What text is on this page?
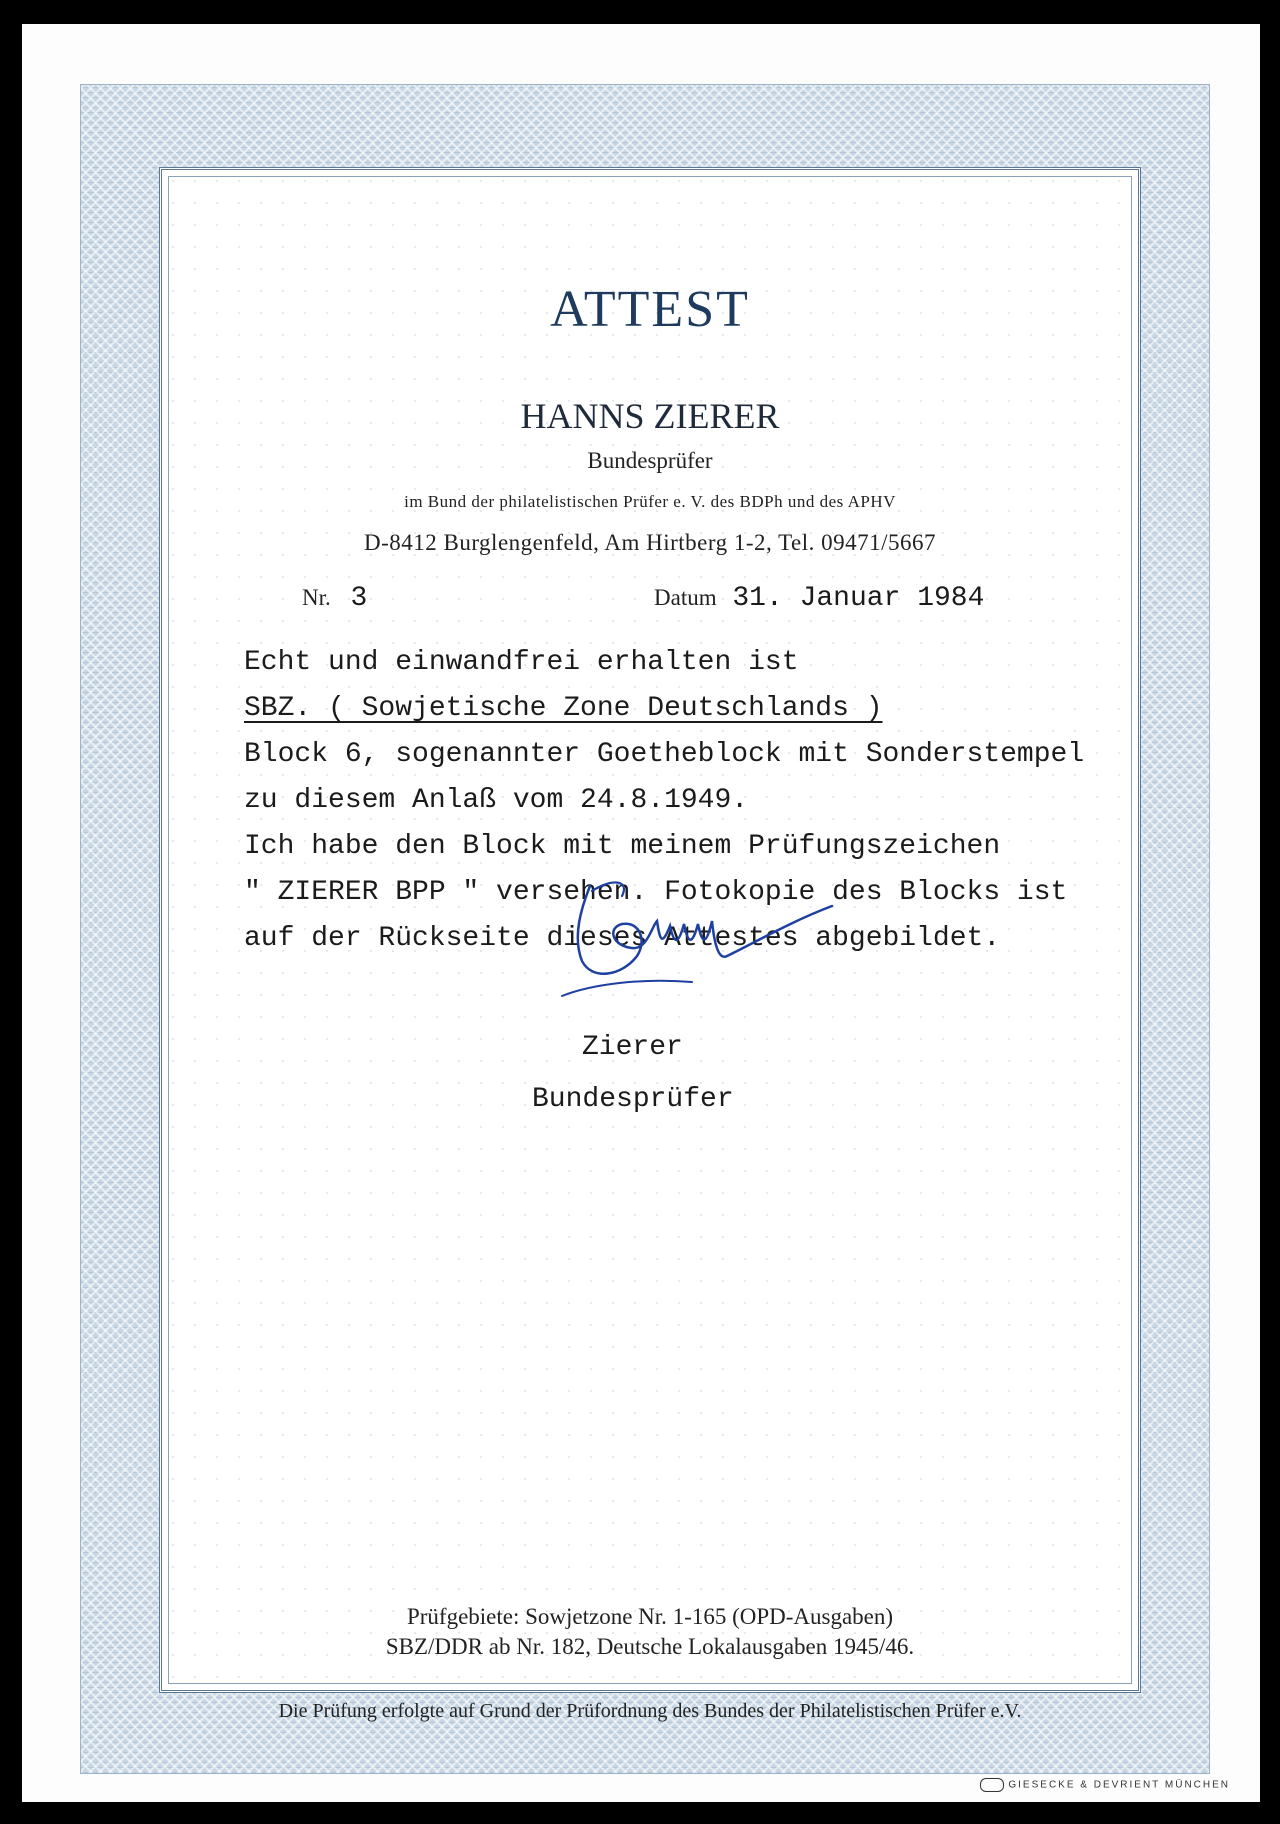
ATTEST
HANNS ZIERER
Bundesprüfer
im Bund der philatelistischen Prüfer e. V. des BDPh und des APHV
D-8412 Burglengenfeld, Am Hirtberg 1-2, Tel. 09471/5667
Nr. 3	Datum 31. Januar 1984
Echt und einwandfrei erhalten ist
SBZ. ( Sowjetische Zone Deutschlands )
Block 6, sogenannter Goetheblock mit Sonderstempel
zu diesem Anlaß vom 24.8.1949.
Ich habe den Block mit meinem Prüfungszeichen
" ZIERER BPP " versehen. Fotokopie des Blocks ist
auf der Rückseite dieses Attestes abgebildet.
Zierer
Bundesprüfer
Prüfgebiete: Sowjetzone Nr. 1-165 (OPD-Ausgaben)
SBZ/DDR ab Nr. 182, Deutsche Lokalausgaben 1945/46.
Die Prüfung erfolgte auf Grund der Prüfordnung des Bundes der Philatelistischen Prüfer e.V.
GIESECKE & DEVRIENT MÜNCHEN
